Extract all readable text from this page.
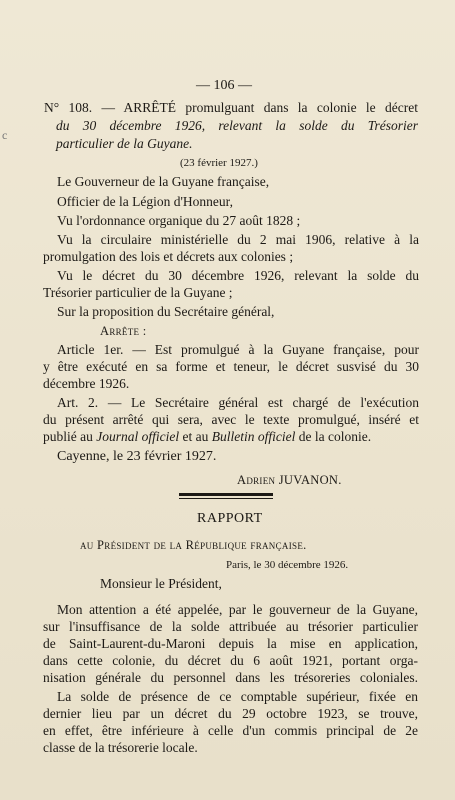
— 106 —
c
N° 108. — ARRÊTÉ promulguant dans la colonie le décret
du 30 décembre 1926, relevant la solde du Trésorier
particulier de la Guyane.
(23 février 1927.)
Le Gouverneur de la Guyane française,
Officier de la Légion d'Honneur,
Vu l'ordonnance organique du 27 août 1828 ;
Vu la circulaire ministérielle du 2 mai 1906, relative à la
promulgation des lois et décrets aux colonies ;
Vu le décret du 30 décembre 1926, relevant la solde du
Trésorier particulier de la Guyane ;
Sur la proposition du Secrétaire général,
Arrête :
Article 1er. — Est promulgué à la Guyane française, pour
y être exécuté en sa forme et teneur, le décret susvisé du 30
décembre 1926.
Art. 2. — Le Secrétaire général est chargé de l'exécution
du présent arrêté qui sera, avec le texte promulgué, inséré et
publié au Journal officiel et au Bulletin officiel de la colonie.
Cayenne, le 23 février 1927.
Adrien JUVANON.
RAPPORT
au Président de la République française.
Paris, le 30 décembre 1926.
Monsieur le Président,
Mon attention a été appelée, par le gouverneur de la Guyane,
sur l'insuffisance de la solde attribuée au trésorier particulier
de Saint-Laurent-du-Maroni depuis la mise en application,
dans cette colonie, du décret du 6 août 1921, portant orga-
nisation générale du personnel dans les trésoreries coloniales.
La solde de présence de ce comptable supérieur, fixée en
dernier lieu par un décret du 29 octobre 1923, se trouve,
en effet, être inférieure à celle d'un commis principal de 2e
classe de la trésorerie locale.
